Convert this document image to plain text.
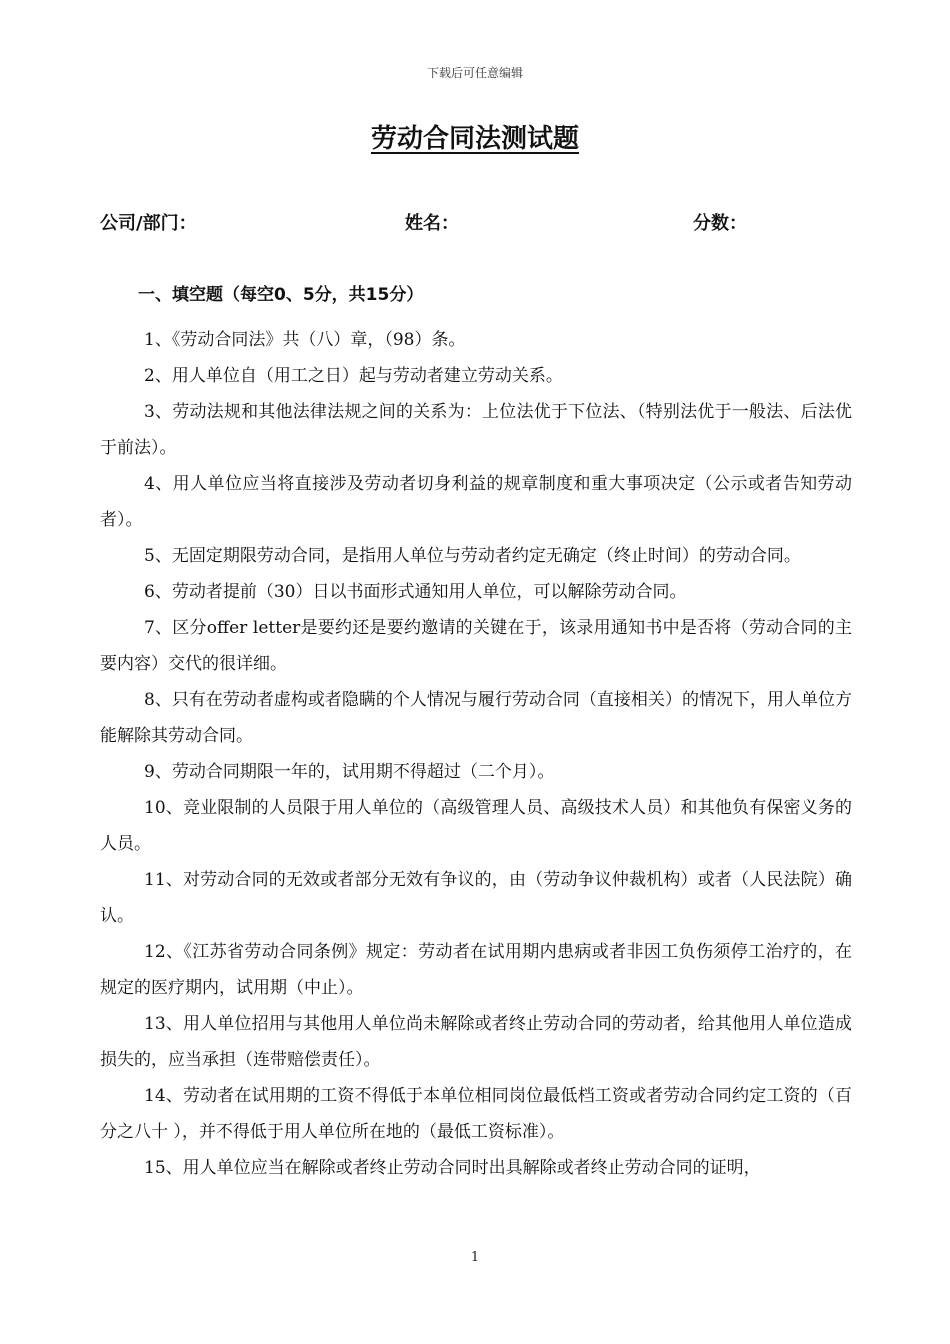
下载后可任意编辑
劳动合同法测试题
公司/部门：	姓名：	分数：
一、填空题（每空0、5分，共15分）

1、《劳动合同法》共（八）章，（98）条。

2、用人单位自（用工之日）起与劳动者建立劳动关系。

3、劳动法规和其他法律法规之间的关系为：上位法优于下位法、（特别法优于一般法、后法优于前法）。

4、用人单位应当将直接涉及劳动者切身利益的规章制度和重大事项决定（公示或者告知劳动者）。

5、无固定期限劳动合同，是指用人单位与劳动者约定无确定（终止时间）的劳动合同。

6、劳动者提前（30）日以书面形式通知用人单位，可以解除劳动合同。

7、区分offer letter是要约还是要约邀请的关键在于，该录用通知书中是否将（劳动合同的主要内容）交代的很详细。

8、只有在劳动者虚构或者隐瞒的个人情况与履行劳动合同（直接相关）的情况下，用人单位方能解除其劳动合同。

9、劳动合同期限一年的，试用期不得超过（二个月）。

10、竞业限制的人员限于用人单位的（高级管理人员、高级技术人员）和其他负有保密义务的人员。

11、对劳动合同的无效或者部分无效有争议的，由（劳动争议仲裁机构）或者（人民法院）确认。

12、《江苏省劳动合同条例》规定：劳动者在试用期内患病或者非因工负伤须停工治疗的，在规定的医疗期内，试用期（中止）。

13、用人单位招用与其他用人单位尚未解除或者终止劳动合同的劳动者，给其他用人单位造成损失的，应当承担（连带赔偿责任）。

14、劳动者在试用期的工资不得低于本单位相同岗位最低档工资或者劳动合同约定工资的（百分之八十 ），并不得低于用人单位所在地的（最低工资标准）。

15、用人单位应当在解除或者终止劳动合同时出具解除或者终止劳动合同的证明，

1
